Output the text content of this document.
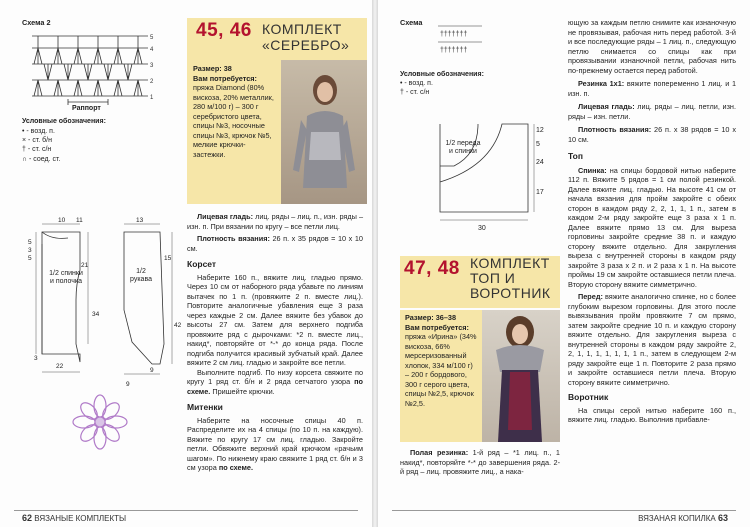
Схема 2
5
4
3
2
1
Раппорт
Условные обозначения:
• - возд. п.
× - ст. б/н
† - ст. с/н
∩ - соед. ст.
10 11
5
3
5
13
21
15
34
42
3
22
9
9
1/2 спинки и полочка
1/2 рукава
45, 46 КОМПЛЕКТ
«СЕРЕБРО»

Размер: 38

Вам потребуется:

пряжа Diamond (80% вискоза, 20% металлик, 280 м/100 г) – 300 г серебристого цвета, спицы №3, носочные спицы №3, крючок №5, мелкие крючки-застежки.

Лицевая гладь: лиц. ряды – лиц. п., изн. ряды – изн. п. При вязании по кругу – все петли лиц.

Плотность вязания: 26 п. х 35 рядов = 10 х 10 см.

Корсет

Наберите 160 п., вяжите лиц. гладью прямо. Через 10 см от наборного ряда убавьте по линиям вытачек по 1 п. (провяжите 2 п. вместе лиц.). Повторите аналогичные убавления еще 3 раза через каждые 2 см. Далее вяжите без убавок до высоты 27 см. Затем для верхнего подгиба провяжите ряд с дырочками: *2 п. вместе лиц., накид*, повторяйте от *-* до конца ряда. После подгиба получится красивый зубчатый край. Далее вяжите 2 см лиц. гладью и закройте все петли.

Выполните подгиб. По низу корсета свяжите по кругу 1 ряд ст. б/н и 2 ряда сетчатого узора по схеме. Пришейте крючки.

Митенки

Наберите на носочные спицы 40 п. Распределите их на 4 спицы (по 10 п. на каждую). Вяжите по кругу 17 см лиц. гладью. Закройте петли. Обвяжите верхний край крючком «рачьим шагом». По нижнему краю свяжите 1 ряд ст. б/н и 3 см узора по схеме.

62 ВЯЗАНЫЕ КОМПЛЕКТЫ
Схема
†††††††
†††††††
Условные обозначения:
• - возд. п.
† - ст. с/н
12
5
24
17
30
1/2 переда и спинки
47, 48 КОМПЛЕКТ
ТОП И
ВОРОТНИК

Размер: 36–38

Вам потребуется:

пряжа «Ирина» (34% вискоза, 66% мерсеризованный хлопок, 334 м/100 г) – 200 г бордового, 300 г серого цвета, спицы №2,5, крючок №2,5.

Полая резинка: 1-й ряд – *1 лиц. п., 1 накид*, повторяйте *-* до завершения ряда. 2-й ряд – лиц. провяжите лиц., а нака-

ющую за каждым петлю снимите как изнаночную не провязывая, рабочая нить перед работой. 3-й и все последующие ряды – 1 лиц. п., следующую петлю снимается со спицы как при провязывании изнаночной петли, рабочая нить по-прежнему остается перед работой.

Резинка 1х1: вяжите попеременно 1 лиц. и 1 изн. п.

Лицевая гладь: лиц. ряды – лиц. петли, изн. ряды – изн. петли.

Плотность вязания: 26 п. х 38 рядов = 10 х 10 см.

Топ

Спинка: на спицы бордовой нитью наберите 112 п. Вяжите 5 рядов = 1 см полой резинкой. Далее вяжите лиц. гладью. На высоте 41 см от начала вязания для пройм закройте с обеих сторон в каждом ряду 2, 2, 1, 1, 1 п., затем в каждом 2-м ряду закройте еще 3 раза х 1 п. Далее вяжите прямо 13 см. Для выреза горловины закройте средние 38 п. и каждую сторону вяжите отдельно. Для закругления выреза с внутренней стороны в каждом ряду закройте 3 раза х 2 п. и 2 раза х 1 п. На высоте проймы 19 см закройте оставшиеся петли плеча. Вторую сторону вяжите симметрично.

Перед: вяжите аналогично спинке, но с более глубоким вырезом горловины. Для этого после вывязывания пройм провяжите 7 см прямо, затем закройте средние 10 п. и каждую сторону вяжите отдельно. Для закругления выреза с внутренней стороны в каждом ряду закройте 2, 2, 1, 1, 1, 1, 1, 1, 1 п., затем в следующем 2-м ряду закройте еще 1 п. Повторите 2 раза прямо и закройте оставшиеся петли плеча. Вторую сторону вяжите симметрично.

Воротник

На спицы серой нитью наберите 160 п., вяжите лиц. гладью. Выполнив прибавле-

ВЯЗАНАЯ КОПИЛКА 63
